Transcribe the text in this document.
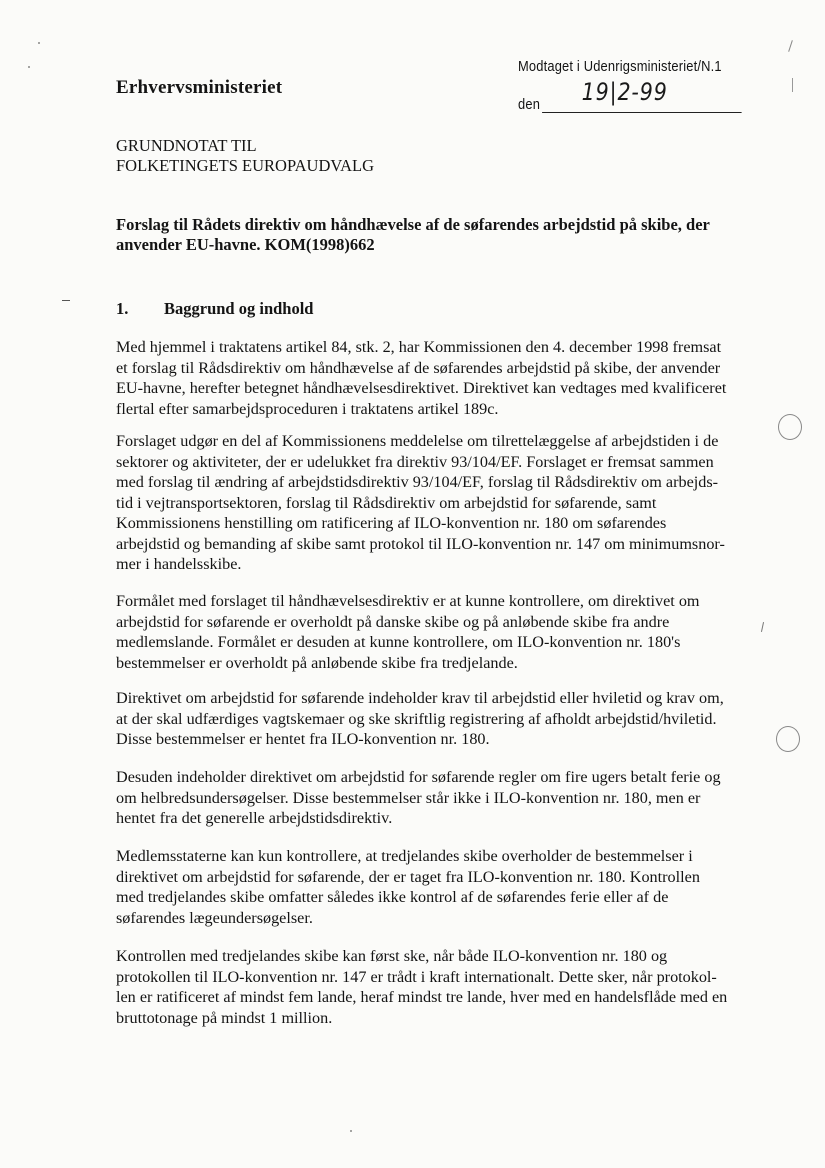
Erhvervsministeriet
Modtaget i Udenrigsministeriet/N.1
den 19|2-99
GRUNDNOTAT TIL
FOLKETINGETS EUROPAUDVALG
Forslag til Rådets direktiv om håndhævelse af de søfarendes arbejdstid på skibe, der
anvender EU-havne. KOM(1998)662
1. Baggrund og indhold

Med hjemmel i traktatens artikel 84, stk. 2, har Kommissionen den 4. december 1998 fremsat
et forslag til Rådsdirektiv om håndhævelse af de søfarendes arbejdstid på skibe, der anvender
EU-havne, herefter betegnet håndhævelsesdirektivet. Direktivet kan vedtages med kvalificeret
flertal efter samarbejdsproceduren i traktatens artikel 189c.

Forslaget udgør en del af Kommissionens meddelelse om tilrettelæggelse af arbejdstiden i de
sektorer og aktiviteter, der er udelukket fra direktiv 93/104/EF. Forslaget er fremsat sammen
med forslag til ændring af arbejdstidsdirektiv 93/104/EF, forslag til Rådsdirektiv om arbejds-
tid i vejtransportsektoren, forslag til Rådsdirektiv om arbejdstid for søfarende, samt
Kommissionens henstilling om ratificering af ILO-konvention nr. 180 om søfarendes
arbejdstid og bemanding af skibe samt protokol til ILO-konvention nr. 147 om minimumsnor-
mer i handelsskibe.

Formålet med forslaget til håndhævelsesdirektiv er at kunne kontrollere, om direktivet om
arbejdstid for søfarende er overholdt på danske skibe og på anløbende skibe fra andre
medlemslande. Formålet er desuden at kunne kontrollere, om ILO-konvention nr. 180's
bestemmelser er overholdt på anløbende skibe fra tredjelande.

Direktivet om arbejdstid for søfarende indeholder krav til arbejdstid eller hviletid og krav om,
at der skal udfærdiges vagtskemaer og ske skriftlig registrering af afholdt arbejdstid/hviletid.
Disse bestemmelser er hentet fra ILO-konvention nr. 180.

Desuden indeholder direktivet om arbejdstid for søfarende regler om fire ugers betalt ferie og
om helbredsundersøgelser. Disse bestemmelser står ikke i ILO-konvention nr. 180, men er
hentet fra det generelle arbejdstidsdirektiv.

Medlemsstaterne kan kun kontrollere, at tredjelandes skibe overholder de bestemmelser i
direktivet om arbejdstid for søfarende, der er taget fra ILO-konvention nr. 180. Kontrollen
med tredjelandes skibe omfatter således ikke kontrol af de søfarendes ferie eller af de
søfarendes lægeundersøgelser.

Kontrollen med tredjelandes skibe kan først ske, når både ILO-konvention nr. 180 og
protokollen til ILO-konvention nr. 147 er trådt i kraft internationalt. Dette sker, når protokol-
len er ratificeret af mindst fem lande, heraf mindst tre lande, hver med en handelsflåde med en
bruttotonage på mindst 1 million.
